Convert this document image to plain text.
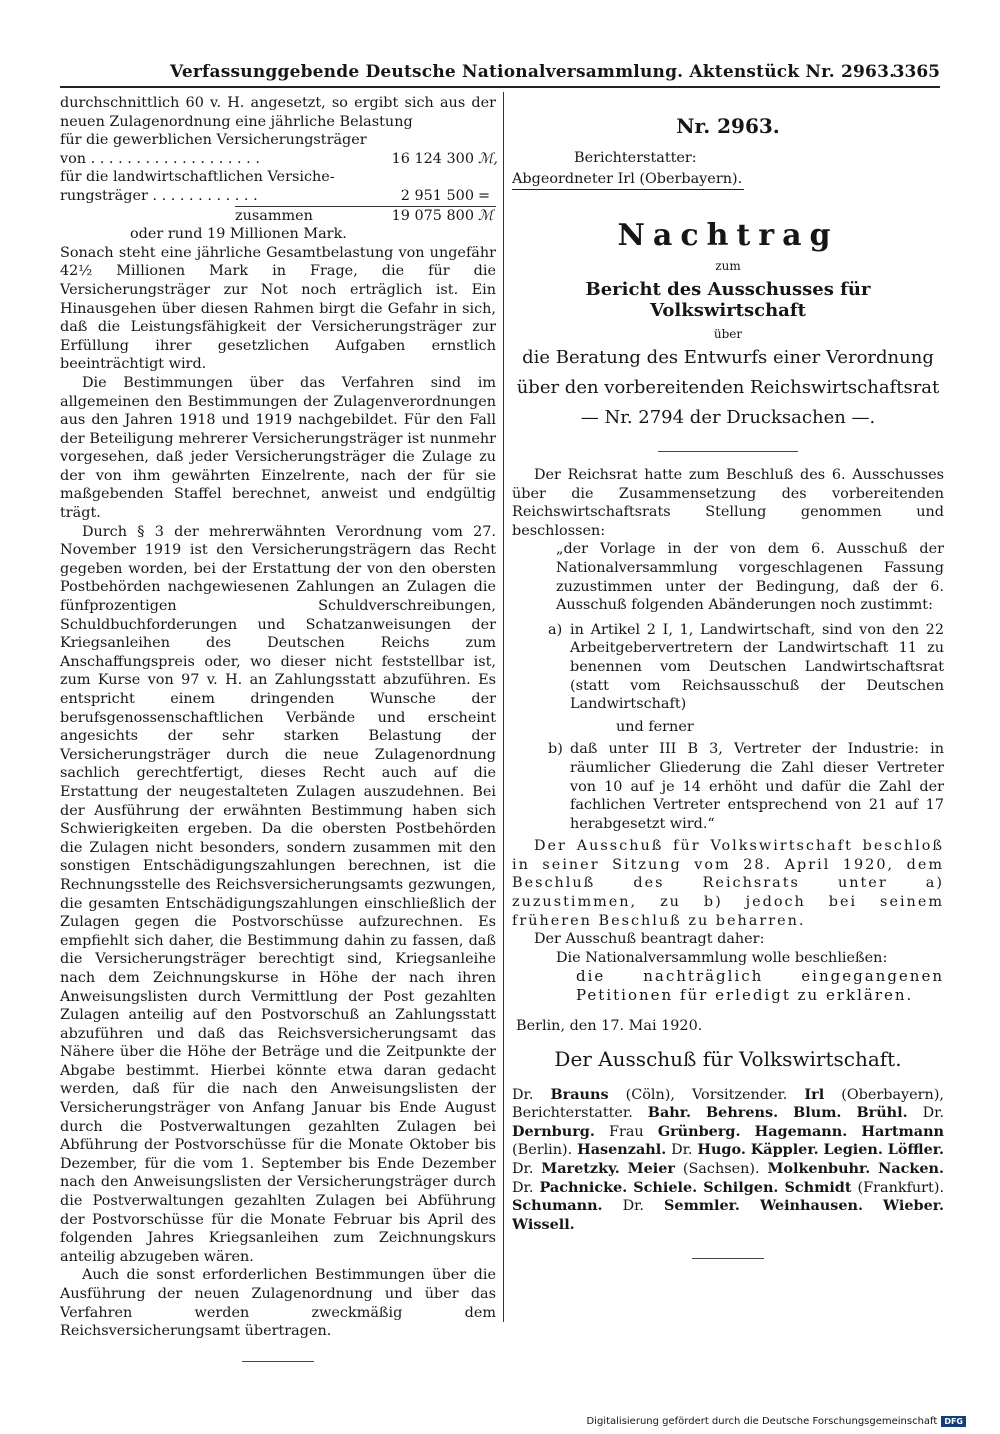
Verfassunggebende Deutsche Nationalversammlung. Aktenstück Nr. 2963.
3365

durchschnittlich 60 v. H. angesetzt, so ergibt sich aus der neuen Zulagenordnung eine jährliche Belastung

für die gewerblichen Versicherungsträger
von . . . . . . . . . . . . . . . . . . .	16 124 300 ℳ,
für die landwirtschaftlichen Versiche-
rungsträger . . . . . . . . . . . .	2 951 500 =
zusammen	19 075 800 ℳ
oder rund 19 Millionen Mark.

Sonach steht eine jährliche Gesamtbelastung von ungefähr 42½ Millionen Mark in Frage, die für die Versicherungsträger zur Not noch erträglich ist. Ein Hinausgehen über diesen Rahmen birgt die Gefahr in sich, daß die Leistungsfähigkeit der Versicherungsträger zur Erfüllung ihrer gesetzlichen Aufgaben ernstlich beeinträchtigt wird.

Die Bestimmungen über das Verfahren sind im allgemeinen den Bestimmungen der Zulagenverordnungen aus den Jahren 1918 und 1919 nachgebildet. Für den Fall der Beteiligung mehrerer Versicherungsträger ist nunmehr vorgesehen, daß jeder Versicherungsträger die Zulage zu der von ihm gewährten Einzelrente, nach der für sie maßgebenden Staffel berechnet, anweist und endgültig trägt.

Durch § 3 der mehrerwähnten Verordnung vom 27. November 1919 ist den Versicherungsträgern das Recht gegeben worden, bei der Erstattung der von den obersten Postbehörden nachgewiesenen Zahlungen an Zulagen die fünfprozentigen Schuldverschreibungen, Schuldbuchforderungen und Schatzanweisungen der Kriegsanleihen des Deutschen Reichs zum Anschaffungspreis oder, wo dieser nicht feststellbar ist, zum Kurse von 97 v. H. an Zahlungsstatt abzuführen. Es entspricht einem dringenden Wunsche der berufsgenossenschaftlichen Verbände und erscheint angesichts der sehr starken Belastung der Versicherungsträger durch die neue Zulagenordnung sachlich gerechtfertigt, dieses Recht auch auf die Erstattung der neugestalteten Zulagen auszudehnen. Bei der Ausführung der erwähnten Bestimmung haben sich Schwierigkeiten ergeben. Da die obersten Postbehörden die Zulagen nicht besonders, sondern zusammen mit den sonstigen Entschädigungszahlungen berechnen, ist die Rechnungsstelle des Reichsversicherungsamts gezwungen, die gesamten Entschädigungszahlungen einschließlich der Zulagen gegen die Postvorschüsse aufzurechnen. Es empfiehlt sich daher, die Bestimmung dahin zu fassen, daß die Versicherungsträger berechtigt sind, Kriegsanleihe nach dem Zeichnungskurse in Höhe der nach ihren Anweisungslisten durch Vermittlung der Post gezahlten Zulagen anteilig auf den Postvorschuß an Zahlungsstatt abzuführen und daß das Reichsversicherungsamt das Nähere über die Höhe der Beträge und die Zeitpunkte der Abgabe bestimmt. Hierbei könnte etwa daran gedacht werden, daß für die nach den Anweisungslisten der Versicherungsträger von Anfang Januar bis Ende August durch die Postverwaltungen gezahlten Zulagen bei Abführung der Postvorschüsse für die Monate Oktober bis Dezember, für die vom 1. September bis Ende Dezember nach den Anweisungslisten der Versicherungsträger durch die Postverwaltungen gezahlten Zulagen bei Abführung der Postvorschüsse für die Monate Februar bis April des folgenden Jahres Kriegsanleihen zum Zeichnungskurs anteilig abzugeben wären.

Auch die sonst erforderlichen Bestimmungen über die Ausführung der neuen Zulagenordnung und über das Verfahren werden zweckmäßig dem Reichsversicherungsamt übertragen.

Nr. 2963.
Berichterstatter:
Abgeordneter Irl (Oberbayern).
Nachtrag
zum
Bericht des Ausschusses für Volkswirtschaft
über
die Beratung des Entwurfs einer Verordnung
über den vorbereitenden Reichswirtschaftsrat
— Nr. 2794 der Drucksachen —.

Der Reichsrat hatte zum Beschluß des 6. Ausschusses über die Zusammensetzung des vorbereitenden Reichswirtschaftsrats Stellung genommen und beschlossen:

„der Vorlage in der von dem 6. Ausschuß der Nationalversammlung vorgeschlagenen Fassung zuzustimmen unter der Bedingung, daß der 6. Ausschuß folgenden Abänderungen noch zustimmt:

a) in Artikel 2 I, 1, Landwirtschaft, sind von den 22 Arbeitgebervertretern der Landwirtschaft 11 zu benennen vom Deutschen Landwirtschaftsrat (statt vom Reichsausschuß der Deutschen Landwirtschaft)
und ferner
b) daß unter III B 3, Vertreter der Industrie: in räumlicher Gliederung die Zahl dieser Vertreter von 10 auf je 14 erhöht und dafür die Zahl der fachlichen Vertreter entsprechend von 21 auf 17 herabgesetzt wird.“

Der Ausschuß für Volkswirtschaft beschloß in seiner Sitzung vom 28. April 1920, dem Beschluß des Reichsrats unter a) zuzustimmen, zu b) jedoch bei seinem früheren Beschluß zu beharren.

Der Ausschuß beantragt daher:

Die Nationalversammlung wolle beschließen:

die nachträglich eingegangenen Petitionen für erledigt zu erklären.

Berlin, den 17. Mai 1920.

Der Ausschuß für Volkswirtschaft.

Dr. Brauns (Cöln), Vorsitzender. Irl (Oberbayern), Berichterstatter. Bahr. Behrens. Blum. Brühl. Dr. Dernburg. Frau Grünberg. Hagemann. Hartmann (Berlin). Hasenzahl. Dr. Hugo. Käppler. Legien. Löffler. Dr. Maretzky. Meier (Sachsen). Molkenbuhr. Nacken. Dr. Pachnicke. Schiele. Schilgen. Schmidt (Frankfurt). Schumann. Dr. Semmler. Weinhausen. Wieber. Wissell.

Digitalisierung gefördert durch die Deutsche Forschungsgemeinschaft DFG
